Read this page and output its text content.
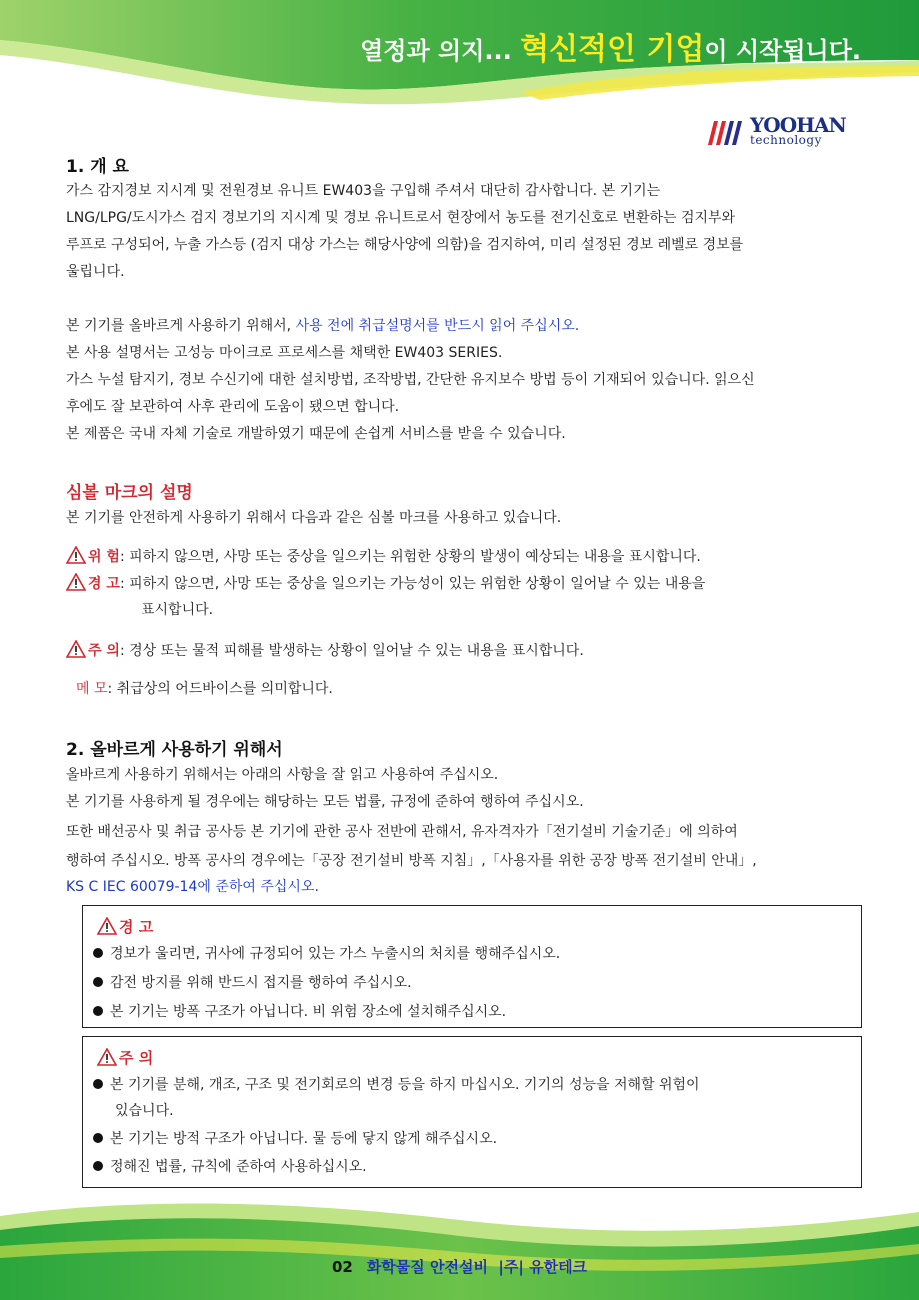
열정과 의지... 혁신적인 기업이 시작됩니다.
YOOHAN
technology
1. 개 요
가스 감지경보 지시계 및 전원경보 유니트 EW403을 구입해 주셔서 대단히 감사합니다. 본 기기는
LNG/LPG/도시가스 검지 경보기의 지시계 및 경보 유니트로서 현장에서 농도를 전기신호로 변환하는 검지부와
루프로 구성되어, 누출 가스등 (검지 대상 가스는 해당사양에 의함)을 검지하여, 미리 설정된 경보 레벨로 경보를
울립니다.
본 기기를 올바르게 사용하기 위해서, 사용 전에 취급설명서를 반드시 읽어 주십시오.
본 사용 설명서는 고성능 마이크로 프로세스를 채택한 EW403 SERIES.
가스 누설 탐지기, 경보 수신기에 대한 설치방법, 조작방법, 간단한 유지보수 방법 등이 기재되어 있습니다. 읽으신
후에도 잘 보관하여 사후 관리에 도움이 됐으면 합니다.
본 제품은 국내 자체 기술로 개발하였기 때문에 손쉽게 서비스를 받을 수 있습니다.
심볼 마크의 설명
본 기기를 안전하게 사용하기 위해서 다음과 같은 심볼 마크를 사용하고 있습니다.
위 험: 피하지 않으면, 사망 또는 중상을 일으키는 위험한 상황의 발생이 예상되는 내용을 표시합니다.
경 고: 피하지 않으면, 사망 또는 중상을 일으키는 가능성이 있는 위험한 상황이 일어날 수 있는 내용을
표시합니다.
주 의: 경상 또는 물적 피해를 발생하는 상황이 일어날 수 있는 내용을 표시합니다.
메 모: 취급상의 어드바이스를 의미합니다.
2. 올바르게 사용하기 위해서
올바르게 사용하기 위해서는 아래의 사항을 잘 읽고 사용하여 주십시오.
본 기기를 사용하게 될 경우에는 해당하는 모든 법률, 규정에 준하여 행하여 주십시오.
또한 배선공사 및 취급 공사등 본 기기에 관한 공사 전반에 관해서, 유자격자가「전기설비 기술기준」에 의하여
행하여 주십시오. 방폭 공사의 경우에는「공장 전기설비 방폭 지침」,「사용자를 위한 공장 방폭 전기설비 안내」,
KS C IEC 60079-14에 준하여 주십시오.
경 고
경보가 울리면, 귀사에 규정되어 있는 가스 누출시의 처치를 행해주십시오.
감전 방지를 위해 반드시 접지를 행하여 주십시오.
본 기기는 방폭 구조가 아닙니다. 비 위험 장소에 설치해주십시오.
주 의
본 기기를 분해, 개조, 구조 및 전기회로의 변경 등을 하지 마십시오. 기기의 성능을 저해할 위험이
있습니다.
본 기기는 방적 구조가 아닙니다. 물 등에 닿지 않게 해주십시오.
정해진 법률, 규칙에 준하여 사용하십시오.
02 화학물질 안전설비 |주| 유한테크
